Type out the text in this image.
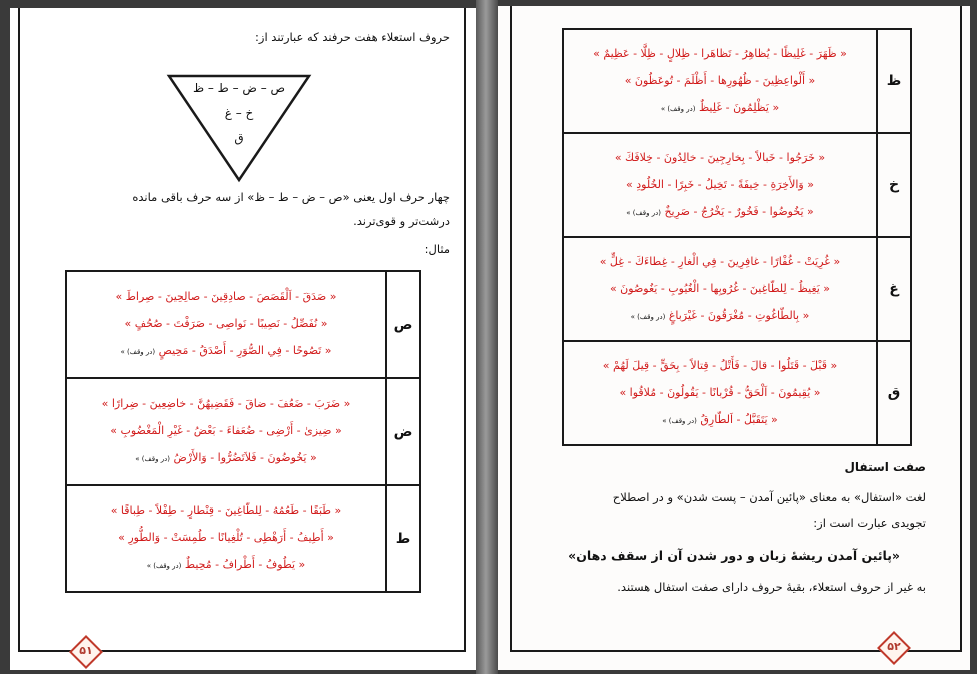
حروف استعلاء هفت حرفند که عبارتند از:
ص – ض – ط – ظ
خ – غ
ق
چهار حرف اول یعنی «ص – ض – ط – ظ» از سه حرف باقی مانده
درشت‌تر و قوی‌ترند.
مثال:
ص	« صَدَقَ - اَلْقَصَصَ - صادِقِینَ - صالِحِینَ - صِراطَ »
« نُفَصِّلُ - نَصِیبًا - نَواصِی - صَرَفْتَ - صُحُفٍ »
« تَصُوحًا - فِي الصُّوَرِ - أَصْدَقُ - مَحِيصٍ (در وقف) »

ض	« ضَرَبَ - ضَعُفَ - ضاقَ - فَقَضِيهُنَّ - خاضِعِینَ - ضِرارًا »
« ضِیزیٰ - أَرْضِی - ضُعَفاءَ - بَعْضُ - غَیْرِ الْمَغْضُوبِ »
« يَخُوضُونَ - فَلاَتَضُرُّوا - وَالأَرْضُ (در وقف) »

ط	« طَبَقًا - طَعُمُهُ - لِلطّاغِینَ - قِنْطارٍ - طِفْلاً - طِباقًا »
« أَطِيفُ - أَرَهْطِی - تُلْغِيانًا - طُمِسَتْ - وَالطُّورِ »
« يَطُوفُ - أَطْرافُ - مُحِيطٌ (در وقف) »
۵۱
ظ	« ظَهَرَ - غَلِيظًا - يُظاهِرُ - تَظاهَرا - ظِلالٍ - ظِلَّا - عَظِيمٌ »
« أَلْواعِظِینَ - ظُهُورِها - أَظْلَمَ - تُوعَظُونَ »
« يَظْلِمُونَ - غَلِيظٌ (در وقف) »

خ	« خَرَجُوا - خَبالاً - بِخارِجِینَ - خالِدُونَ - خِلافَكَ »
« وَالأَخِرَةِ - خِيفَةً - تَخِيلُ - خَبِرًا - الخُلُودِ »
« يَخُوضُوا - فَخُورٌ - يَخْرُجُ - صَرِيخٌ (در وقف) »

غ	« غُرِيَتْ - غُفْارًا - غافِرِینَ - فِي الْغارِ - غِطاءَكَ - غِلٍّ »
« يَغِيظُ - لِلطّاغِینَ - غُرُوبِها - الْغُيُوبِ - يَغُوصُونَ »
« بِالطّاغُوتِ - مُغْرَقُونَ - غَيْرَباغٍ (در وقف) »

ق	« قَبْلَ - قَتَلُوا - قالَ - فَأَتْلُ - قِتالاً - بِحَقٍّ - قِيلَ لَهُمْ »
« يُقِيمُونَ - اَلْحَقُّ - قُرْبانًا - يَقُولُونَ - مُلاقُوا »
« يَتَقَبَّلُ - اَلطّارِقُ (در وقف) »
صفت استفال
لغت «استفال» به معنای «پائین آمدن – پست شدن» و در اصطلاح
تجویدی عبارت است از:
«پائین آمدن ریشهٔ زبان و دور شدن آن از سقف دهان»
به غیر از حروف استعلاء، بقیهٔ حروف دارای صفت استفال هستند.
۵۲
